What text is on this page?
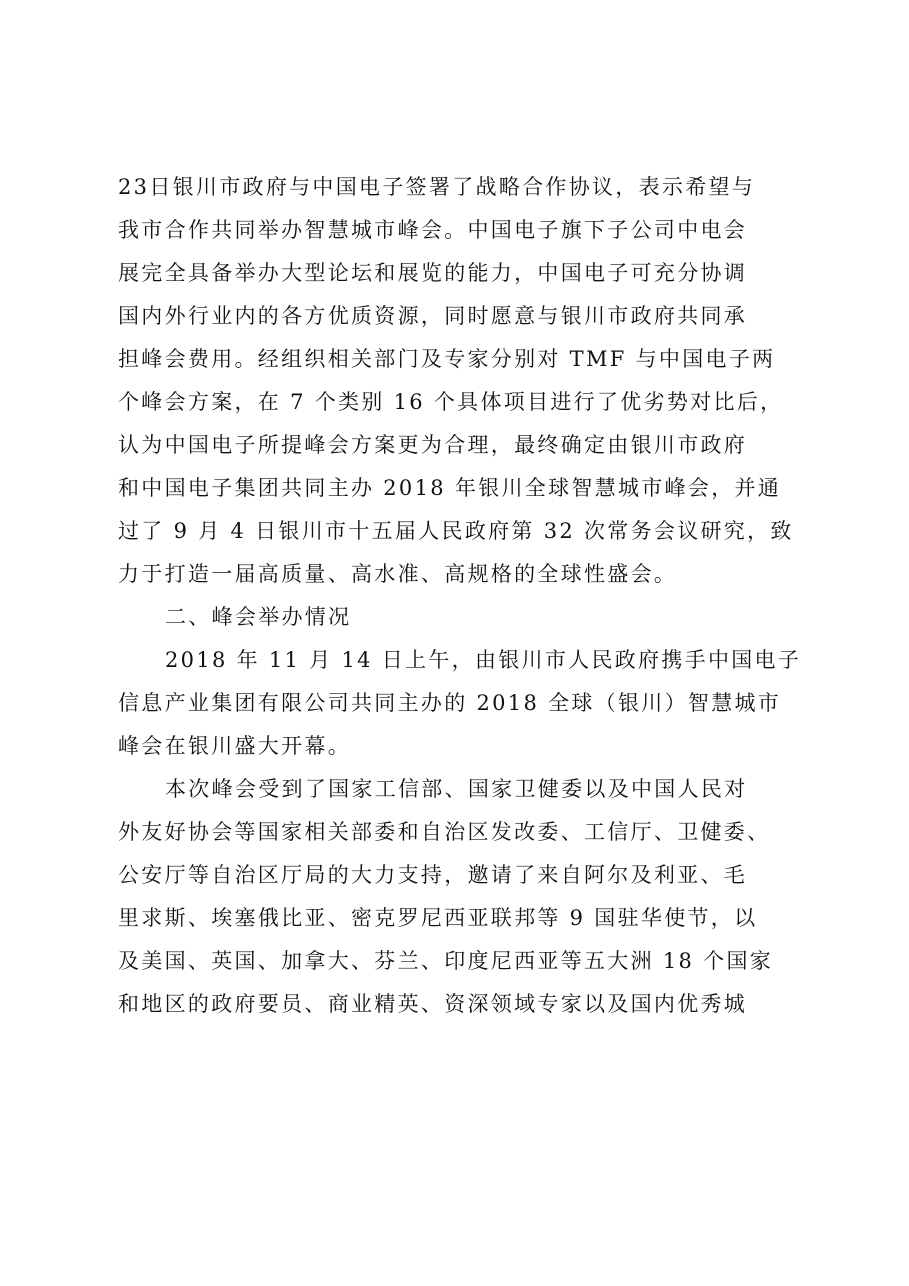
23日银川市政府与中国电子签署了战略合作协议，表示希望与
我市合作共同举办智慧城市峰会。中国电子旗下子公司中电会
展完全具备举办大型论坛和展览的能力，中国电子可充分协调
国内外行业内的各方优质资源，同时愿意与银川市政府共同承
担峰会费用。经组织相关部门及专家分别对 TMF 与中国电子两
个峰会方案，在 7 个类别 16 个具体项目进行了优劣势对比后，
认为中国电子所提峰会方案更为合理，最终确定由银川市政府
和中国电子集团共同主办 2018 年银川全球智慧城市峰会，并通
过了 9 月 4 日银川市十五届人民政府第 32 次常务会议研究，致
力于打造一届高质量、高水准、高规格的全球性盛会。
二、峰会举办情况
2018 年 11 月 14 日上午，由银川市人民政府携手中国电子
信息产业集团有限公司共同主办的 2018 全球（银川）智慧城市
峰会在银川盛大开幕。
本次峰会受到了国家工信部、国家卫健委以及中国人民对
外友好协会等国家相关部委和自治区发改委、工信厅、卫健委、
公安厅等自治区厅局的大力支持，邀请了来自阿尔及利亚、毛
里求斯、埃塞俄比亚、密克罗尼西亚联邦等 9 国驻华使节，以
及美国、英国、加拿大、芬兰、印度尼西亚等五大洲 18 个国家
和地区的政府要员、商业精英、资深领域专家以及国内优秀城
